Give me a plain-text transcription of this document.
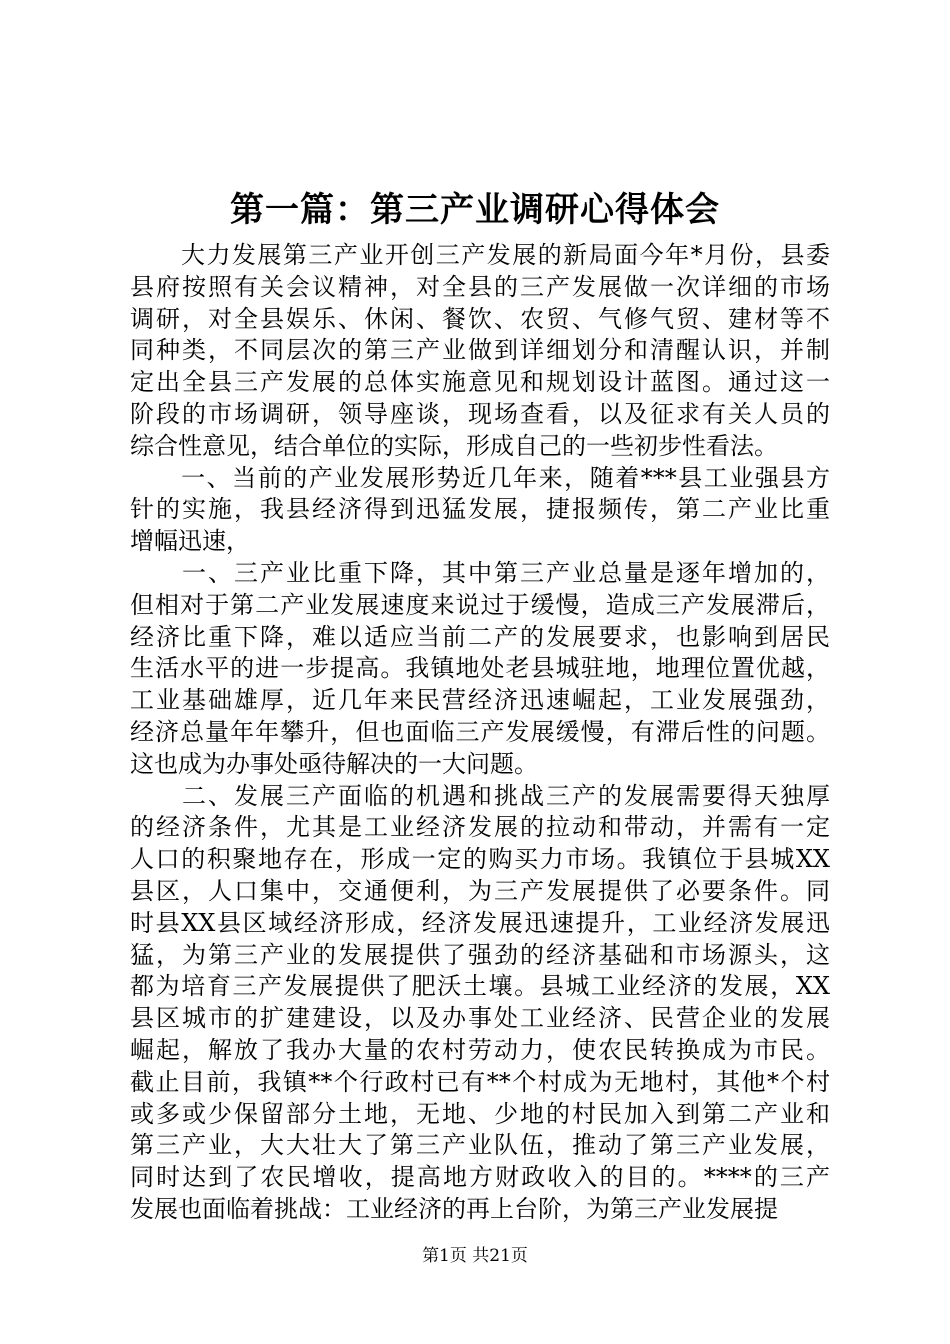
第一篇：第三产业调研心得体会
　　大力发展第三产业开创三产发展的新局面今年*月份，县委
县府按照有关会议精神，对全县的三产发展做一次详细的市场
调研，对全县娱乐、休闲、餐饮、农贸、气修气贸、建材等不
同种类，不同层次的第三产业做到详细划分和清醒认识，并制
定出全县三产发展的总体实施意见和规划设计蓝图。通过这一
阶段的市场调研，领导座谈，现场查看，以及征求有关人员的
综合性意见，结合单位的实际，形成自己的一些初步性看法。
　　一、当前的产业发展形势近几年来，随着***县工业强县方
针的实施，我县经济得到迅猛发展，捷报频传，第二产业比重
增幅迅速，
　　一、三产业比重下降，其中第三产业总量是逐年增加的，
但相对于第二产业发展速度来说过于缓慢，造成三产发展滞后，
经济比重下降，难以适应当前二产的发展要求，也影响到居民
生活水平的进一步提高。我镇地处老县城驻地，地理位置优越，
工业基础雄厚，近几年来民营经济迅速崛起，工业发展强劲，
经济总量年年攀升，但也面临三产发展缓慢，有滞后性的问题。
这也成为办事处亟待解决的一大问题。
　　二、发展三产面临的机遇和挑战三产的发展需要得天独厚
的经济条件，尤其是工业经济发展的拉动和带动，并需有一定
人口的积聚地存在，形成一定的购买力市场。我镇位于县城XX
县区，人口集中，交通便利，为三产发展提供了必要条件。同
时县XX县区域经济形成，经济发展迅速提升，工业经济发展迅
猛，为第三产业的发展提供了强劲的经济基础和市场源头，这
都为培育三产发展提供了肥沃土壤。县城工业经济的发展，XX
县区城市的扩建建设，以及办事处工业经济、民营企业的发展
崛起，解放了我办大量的农村劳动力，使农民转换成为市民。
截止目前，我镇**个行政村已有**个村成为无地村，其他*个村
或多或少保留部分土地，无地、少地的村民加入到第二产业和
第三产业，大大壮大了第三产业队伍，推动了第三产业发展，
同时达到了农民增收，提高地方财政收入的目的。****的三产
发展也面临着挑战：工业经济的再上台阶，为第三产业发展提
第1页 共21页
